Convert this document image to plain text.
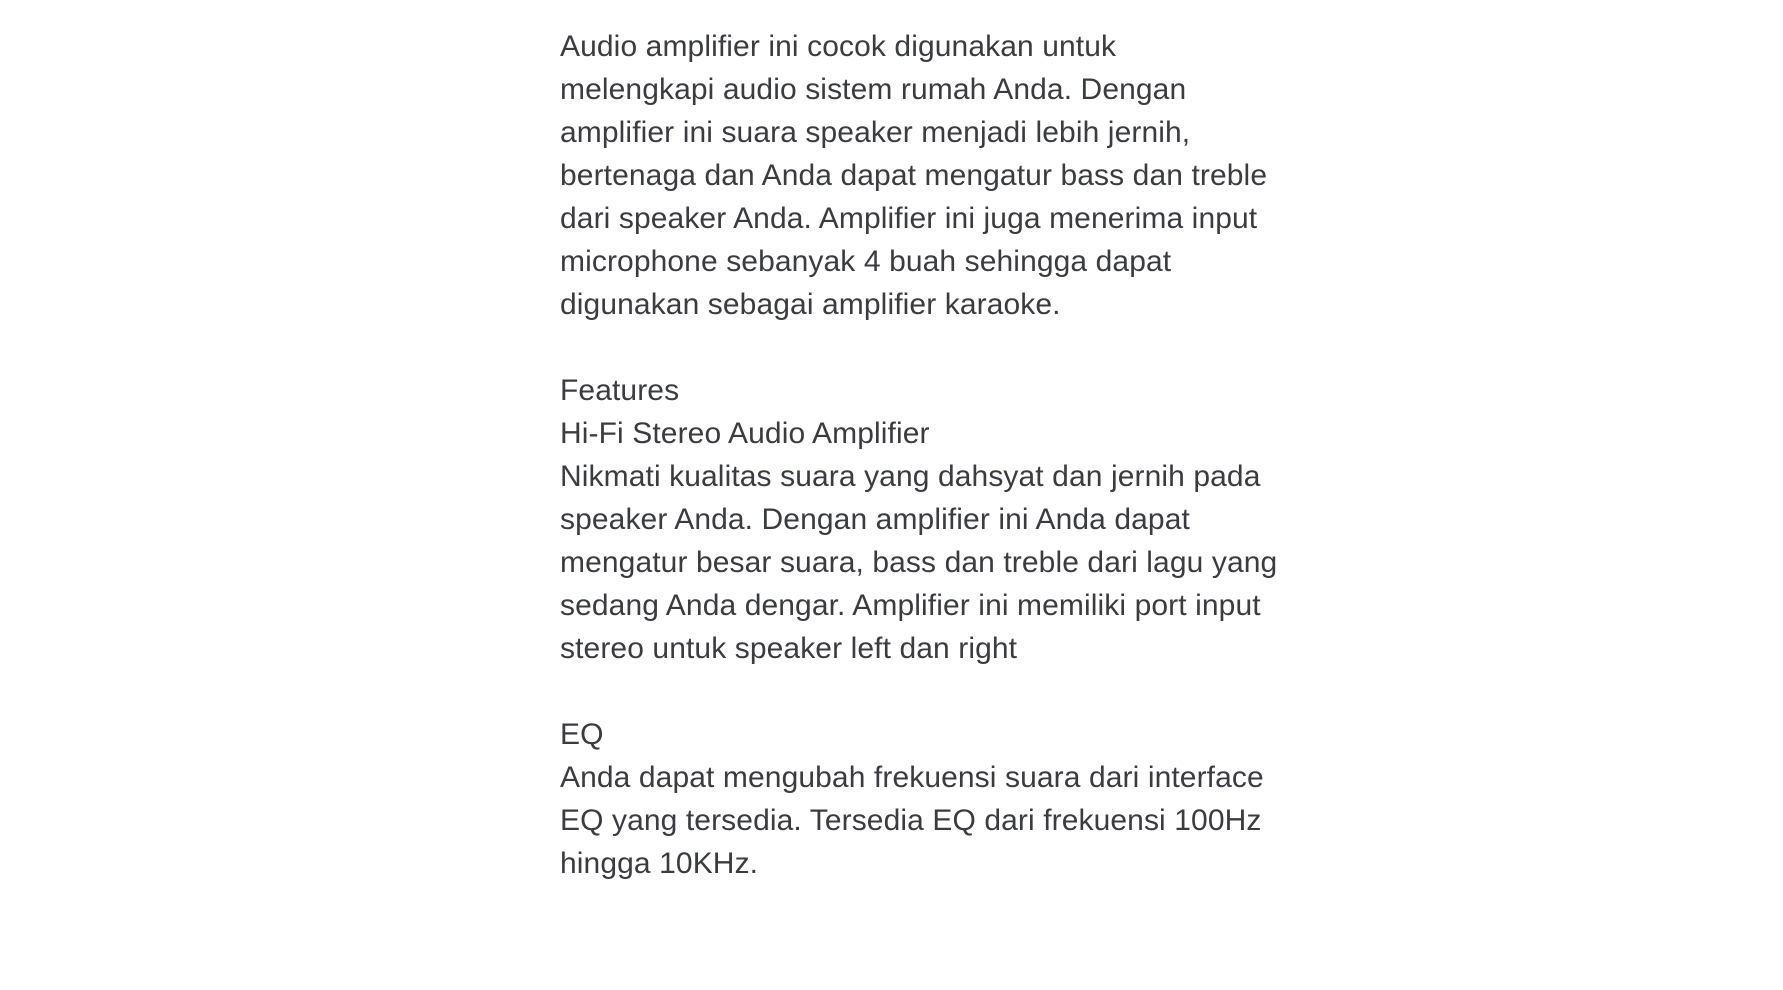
Audio amplifier ini cocok digunakan untuk
melengkapi audio sistem rumah Anda. Dengan
amplifier ini suara speaker menjadi lebih jernih,
bertenaga dan Anda dapat mengatur bass dan treble
dari speaker Anda. Amplifier ini juga menerima input
microphone sebanyak 4 buah sehingga dapat
digunakan sebagai amplifier karaoke.

Features
Hi-Fi Stereo Audio Amplifier
Nikmati kualitas suara yang dahsyat dan jernih pada
speaker Anda. Dengan amplifier ini Anda dapat
mengatur besar suara, bass dan treble dari lagu yang
sedang Anda dengar. Amplifier ini memiliki port input
stereo untuk speaker left dan right

EQ
Anda dapat mengubah frekuensi suara dari interface
EQ yang tersedia. Tersedia EQ dari frekuensi 100Hz
hingga 10KHz.
